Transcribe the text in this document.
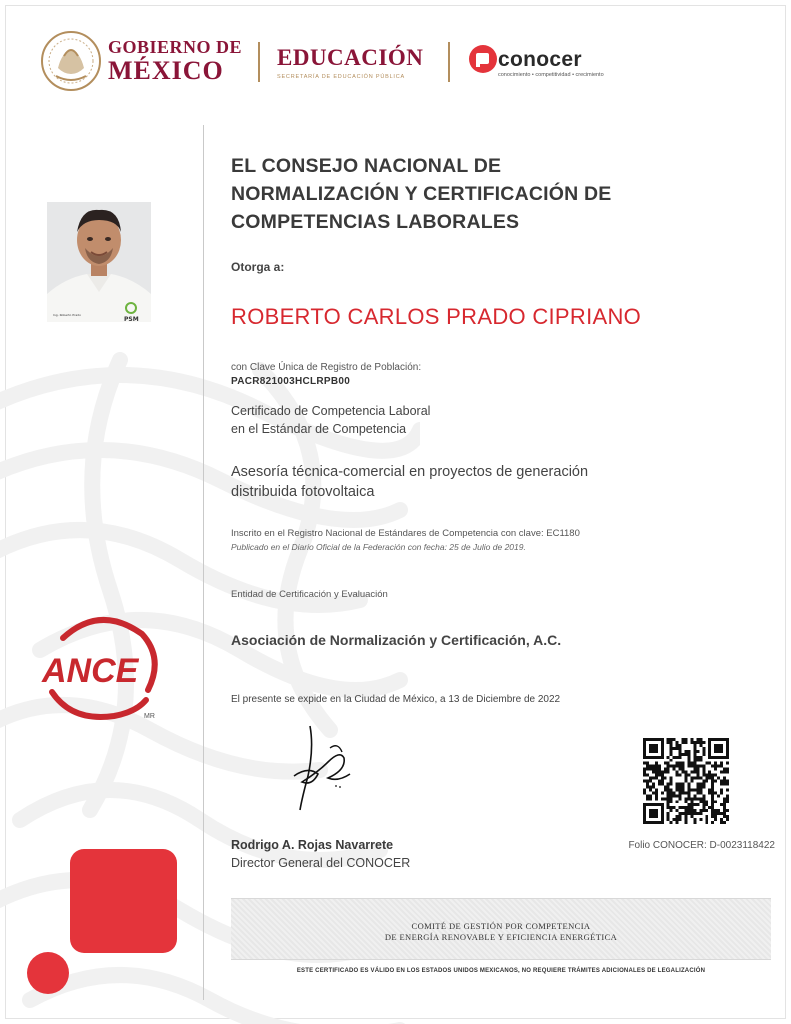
GOBIERNO DE
MÉXICO	EDUCACIÓN
SECRETARÍA DE EDUCACIÓN PÚBLICA
conocer
conocimiento • competitividad • crecimiento
PSM
Ing. Roberto Prado
EL CONSEJO NACIONAL DE
NORMALIZACIÓN Y CERTIFICACIÓN DE
COMPETENCIAS LABORALES
Otorga a:
ROBERTO CARLOS PRADO CIPRIANO
con Clave Única de Registro de Población:
PACR821003HCLRPB00
Certificado de Competencia Laboral
en el Estándar de Competencia
Asesoría técnica-comercial en proyectos de generación
distribuida fotovoltaica
Inscrito en el Registro Nacional de Estándares de Competencia con clave: EC1180
Publicado en el Diario Oficial de la Federación con fecha: 25 de Julio de 2019.
Entidad de Certificación y Evaluación
Asociación de Normalización y Certificación, A.C.
El presente se expide en la Ciudad de México, a 13 de Diciembre de 2022
ANCE
MR
Rodrigo A. Rojas Navarrete
Director General del CONOCER
Folio CONOCER: D-0023118422
COMITÉ DE GESTIÓN POR COMPETENCIA
DE ENERGÍA RENOVABLE Y EFICIENCIA ENERGÉTICA
ESTE CERTIFICADO ES VÁLIDO EN LOS ESTADOS UNIDOS MEXICANOS, NO REQUIERE TRÁMITES ADICIONALES DE LEGALIZACIÓN
